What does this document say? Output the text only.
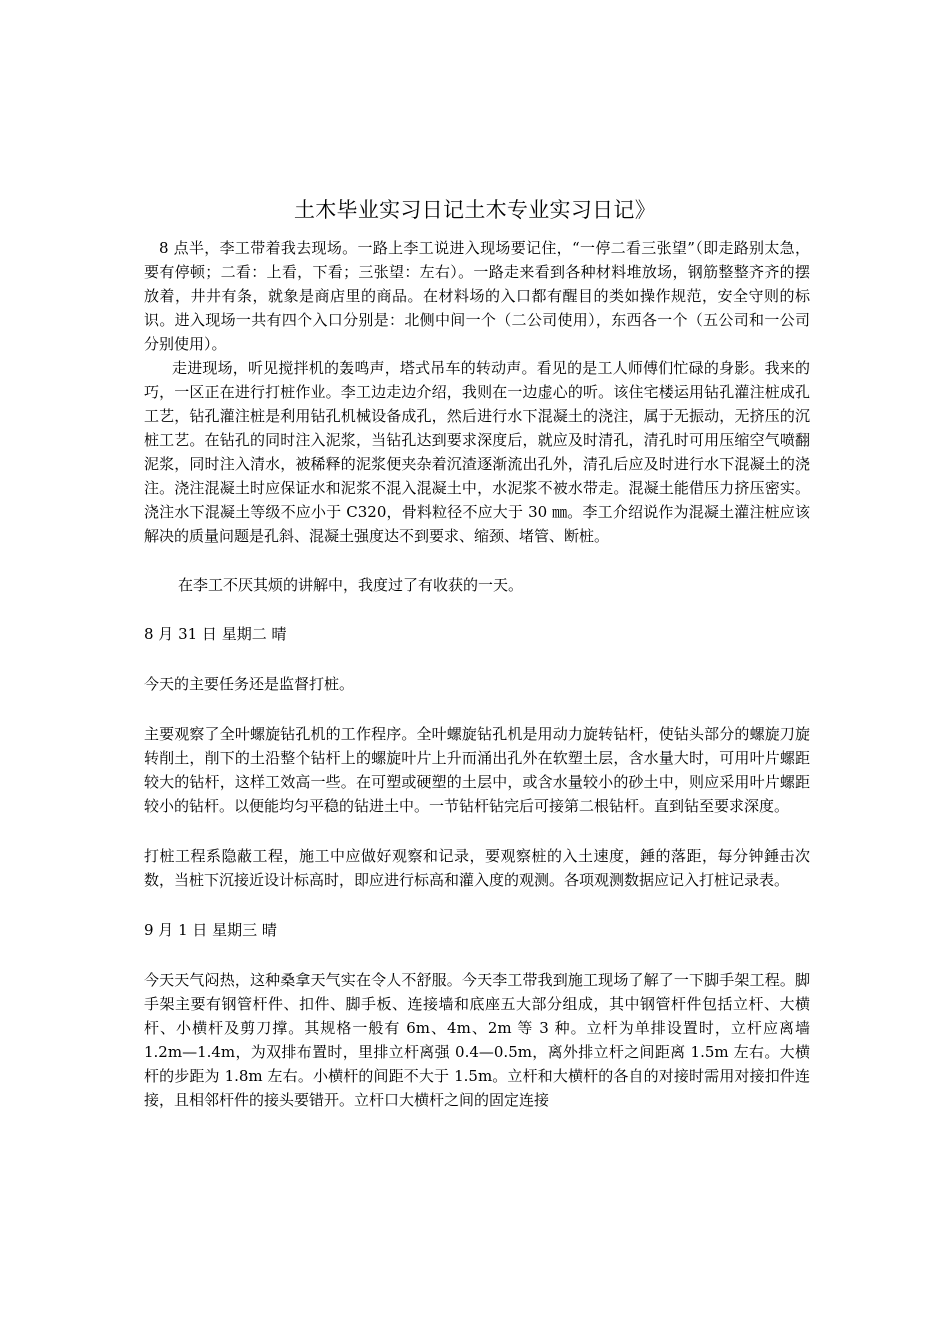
土木毕业实习日记土木专业实习日记》

8 点半，李工带着我去现场。一路上李工说进入现场要记住，“一停二看三张望”（即走路别太急，要有停顿；二看：上看，下看；三张望：左右）。一路走来看到各种材料堆放场，钢筋整整齐齐的摆放着，井井有条，就象是商店里的商品。在材料场的入口都有醒目的类如操作规范，安全守则的标识。进入现场一共有四个入口分别是：北侧中间一个（二公司使用），东西各一个（五公司和一公司分别使用）。

走进现场，听见搅拌机的轰鸣声，塔式吊车的转动声。看见的是工人师傅们忙碌的身影。我来的巧，一区正在进行打桩作业。李工边走边介绍，我则在一边虚心的听。该住宅楼运用钻孔灌注桩成孔工艺，钻孔灌注桩是利用钻孔机械设备成孔，然后进行水下混凝土的浇注，属于无振动，无挤压的沉桩工艺。在钻孔的同时注入泥浆，当钻孔达到要求深度后，就应及时清孔，清孔时可用压缩空气喷翻泥浆，同时注入清水，被稀释的泥浆便夹杂着沉渣逐渐流出孔外，清孔后应及时进行水下混凝土的浇注。浇注混凝土时应保证水和泥浆不混入混凝土中，水泥浆不被水带走。混凝土能借压力挤压密实。浇注水下混凝土等级不应小于 C320，骨料粒径不应大于 30 ㎜。李工介绍说作为混凝土灌注桩应该解决的质量问题是孔斜、混凝土强度达不到要求、缩颈、堵管、断桩。

在李工不厌其烦的讲解中，我度过了有收获的一天。

8 月 31 日 星期二 晴

今天的主要任务还是监督打桩。

主要观察了全叶螺旋钻孔机的工作程序。全叶螺旋钻孔机是用动力旋转钻杆，使钻头部分的螺旋刀旋转削土，削下的土沿整个钻杆上的螺旋叶片上升而涌出孔外在软塑土层，含水量大时，可用叶片螺距较大的钻杆，这样工效高一些。在可塑或硬塑的土层中，或含水量较小的砂土中，则应采用叶片螺距较小的钻杆。以便能均匀平稳的钻进土中。一节钻杆钻完后可接第二根钻杆。直到钻至要求深度。

打桩工程系隐蔽工程，施工中应做好观察和记录，要观察桩的入土速度，錘的落距，每分钟錘击次数，当桩下沉接近设计标高时，即应进行标高和灌入度的观测。各项观测数据应记入打桩记录表。

9 月 1 日 星期三 晴

今天天气闷热，这种桑拿天气实在令人不舒服。今天李工带我到施工现场了解了一下脚手架工程。脚手架主要有钢管杆件、扣件、脚手板、连接墙和底座五大部分组成，其中钢管杆件包括立杆、大横杆、小横杆及剪刀撑。其规格一般有 6m、4m、2m 等 3 种。立杆为单排设置时，立杆应离墙 1.2m—1.4m，为双排布置时，里排立杆离强 0.4—0.5m，离外排立杆之间距离 1.5m 左右。大横杆的步距为 1.8m 左右。小横杆的间距不大于 1.5m。立杆和大横杆的各自的对接时需用对接扣件连接，且相邻杆件的接头要错开。立杆口大横杆之间的固定连接
